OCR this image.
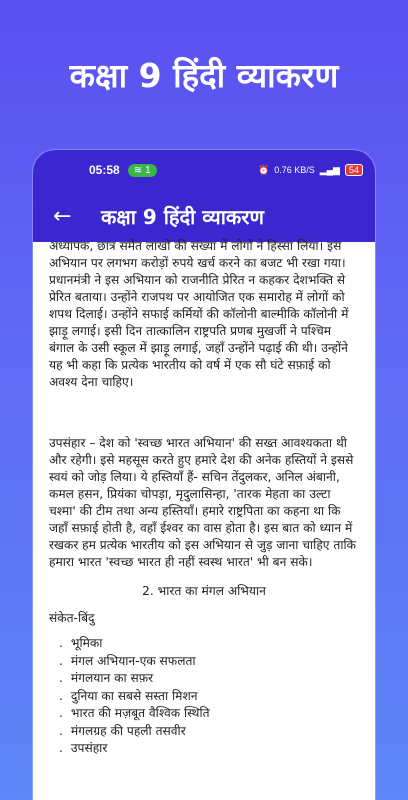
कक्षा 9 हिंदी व्याकरण
05:58 ≋ 1	⏰ 0.76 KB/S ▂▄▆	54
←	कक्षा 9 हिंदी व्याकरण

अध्यापक, छात्र समेत लाखों की संख्या में लोगों ने हिस्सा लिया। इस अभियान पर लगभग करोड़ों रुपये खर्च करने का बजट भी रखा गया। प्रधानमंत्री ने इस अभियान को राजनीति प्रेरित न कहकर देशभक्ति से प्रेरित बताया। उन्होंने राजपथ पर आयोजित एक समारोह में लोगों को शपथ दिलाई। उन्होंने सफाई कर्मियों की कॉलोनी बाल्मीकि कॉलोनी में झाड़ू लगाई। इसी दिन तात्कालिन राष्ट्रपति प्रणब मुखर्जी ने पश्चिम बंगाल के उसी स्कूल में झाड़ू लगाई, जहाँ उन्होंने पढ़ाई की थी। उन्होंने यह भी कहा कि प्रत्येक भारतीय को वर्ष में एक सौ घंटे सफ़ाई को अवश्य देना चाहिए।

उपसंहार – देश को 'स्वच्छ भारत अभियान' की सख्त आवश्यकता थी और रहेगी। इसे महसूस करते हुए हमारे देश की अनेक हस्तियों ने इससे स्वयं को जोड़ लिया। ये हस्तियाँ हैं- सचिन तेंदुलकर, अनिल अंबानी, कमल हसन, प्रियंका चोपड़ा, मृदुलासिन्हा, 'तारक मेहता का उल्टा चश्मा' की टीम तथा अन्य हस्तियाँ। हमारे राष्ट्रपिता का कहना था कि जहाँ सफ़ाई होती है, वहाँ ईश्वर का वास होता है। इस बात को ध्यान में रखकर हम प्रत्येक भारतीय को इस अभियान से जुड़ जाना चाहिए ताकि हमारा भारत 'स्वच्छ भारत ही नहीं स्वस्थ भारत' भी बन सके।

2. भारत का मंगल अभियान

संकेत-बिंदु

. भूमिका
. मंगल अभियान-एक सफलता
. मंगलयान का सफ़र
. दुनिया का सबसे सस्ता मिशन
. भारत की मज़बूत वैश्विक स्थिति
. मंगलग्रह की पहली तसवीर
. उपसंहार
